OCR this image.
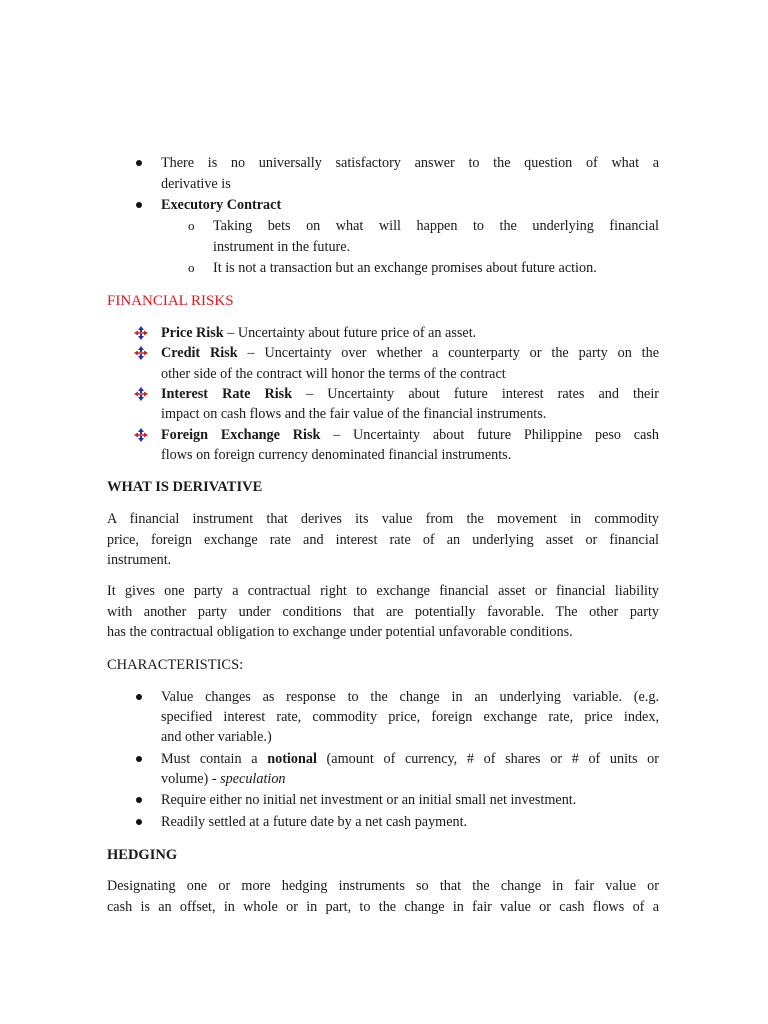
There is no universally satisfactory answer to the question of what a
derivative is
Executory Contract
o Taking bets on what will happen to the underlying financial
instrument in the future.
o It is not a transaction but an exchange promises about future action.
FINANCIAL RISKS
Price Risk – Uncertainty about future price of an asset.
Credit Risk – Uncertainty over whether a counterparty or the party on the
other side of the contract will honor the terms of the contract
Interest Rate Risk – Uncertainty about future interest rates and their
impact on cash flows and the fair value of the financial instruments.
Foreign Exchange Risk – Uncertainty about future Philippine peso cash
flows on foreign currency denominated financial instruments.
WHAT IS DERIVATIVE
A financial instrument that derives its value from the movement in commodity
price, foreign exchange rate and interest rate of an underlying asset or financial
instrument.
It gives one party a contractual right to exchange financial asset or financial liability
with another party under conditions that are potentially favorable. The other party
has the contractual obligation to exchange under potential unfavorable conditions.
CHARACTERISTICS:
Value changes as response to the change in an underlying variable. (e.g.
specified interest rate, commodity price, foreign exchange rate, price index,
and other variable.)
Must contain a notional (amount of currency, # of shares or # of units or
volume) - speculation
Require either no initial net investment or an initial small net investment.
Readily settled at a future date by a net cash payment.
HEDGING
Designating one or more hedging instruments so that the change in fair value or
cash is an offset, in whole or in part, to the change in fair value or cash flows of a
